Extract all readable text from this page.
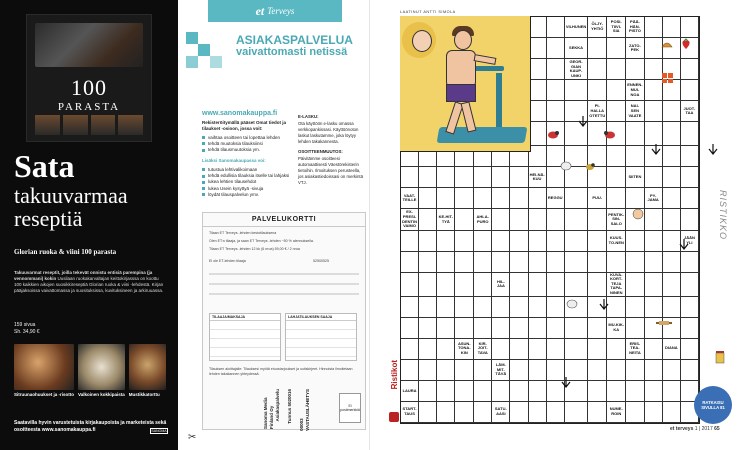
100
PARASTA
Sata
takuuvarmaa
reseptiä
Glorian ruoka & viini 100 parasta
Takuuvarmat reseptit, joilla tekevät onnistu entisiä parempina (ja vennommani) kokin Uusilaan ruokakarvaltajan keittokirjasssa on koottu 100 kaikkien aikojen suosikkireseptiä Glorian ruoka & viini -lehdestä. Kirjan pääjaksoissa vaivattomassa ja suosituksissa, kuvituksineen ja arkiruuassa.
159 sivua
Sh. 34,90 €
Sitruunaohuukset ja -risotto Valkoinen kokkipaista Mustikkatorttu
Saatavilla hyvin varustetuista kirjakaupoista ja marketeista sekä osoitteesta www.sanomakauppa.fi	SANOMA
et Terveys
ASIAKASPALVELUA
vaivattomasti netissä
www.sanomakauppa.fi
Rekisteröitymällä pääset Omat tiedot ja tilaukset -osioon, jossa voit:
vaihtaa osoitteen tai lopettaa lehden
tehdä muutoksia tilauksiinsi
tehdä tilausmuutoksia ym.
Lisäksi Sanomakaupassa voi:
tutustua lehtivalikoimaan
tehdä edullisia tilauksia itselle tai lahjaksi
lukea lehtien tilausehdot
lukea Usein kysyttyä -sivuja
löydät tilauspalvelun ymv.
E-LASKU:
Ota käyttöön e-lasku omassa verkkopankissasi. Käyttöönoton laskut laskutamme, joka löytyy lehden takakannesta.
OSOITTEENMUUTOS:
Päivitämme osoitteesi automaattisesti Väestörekisterin tietoihin. Ilmoituksen perusteella, jos asiakastiedoissasi on merkintä VTJ.
PALVELUKORTTI
Tilaan ET Terveys -lehden kestotilauksena
Olen ET:n tilaaja, ja saan ET Terveys -lehden −50 % alennuksella.
Tilaan ET Terveys -lehden 12 kk (6 nroa) 59,00 € / 2 nroa
Ei ole ET-lehden tilaaja	52500525
TILAAJA/MAKSAJA	LAHJATILAUKSEN SAAJA
Tilauksen aloittajalle: Tilauksesi myötä etuustarjoukset ja uutiskirjeet. Hinnoista ilmoitetaan lehden takakannen yhteydessä.
Sanoma Media Finland Oy Asiakaspalvelu Tunnus 5020016
00003 VASTAUSLÄHETYS	Ei postimerkkiä
✂
LAATINUT ANTTI SIMOLA
Ristikot
RISTIKKO
VILHUNEN	ÖLJY-YHTIÖ
POSI-TIIVI-SIA
PÄÄ-HÄN-PISTO
SEKKA	ZATO-PEK
GEOR-GIAN KAUP-UNKI
ENNEN-MUI-NOA
PI-HALLA OTETTU
NAI-SEN VAATE
JUOT-TAA
HEI-NÄ-KUU	SIITEN
VAAT-TEILLE	REGGU	PUU-	PY-JAMA
EX-PRESI-DENTIN VAIMO
KE-HIT-TYÄ
AHLA-PURO
PENTIK-SIN-SALO
KUUS-TO-NEN
JÄÄN YLI
HIL-JAA
KUVA-KORT-TEJA TAPA-NINEN
MU-KIK-KA
ASUN-TONA-KIN
KIR-JOIT-TAVA
ERIS-TEA-NEITA
DIANA
LÄM-MIT-TÄVÄ
LAURA
START-TAUS
SATU-AASI
NUME-ROIN
et terveys 1 | 2017 65
RATKAISU SIVULLA 81
